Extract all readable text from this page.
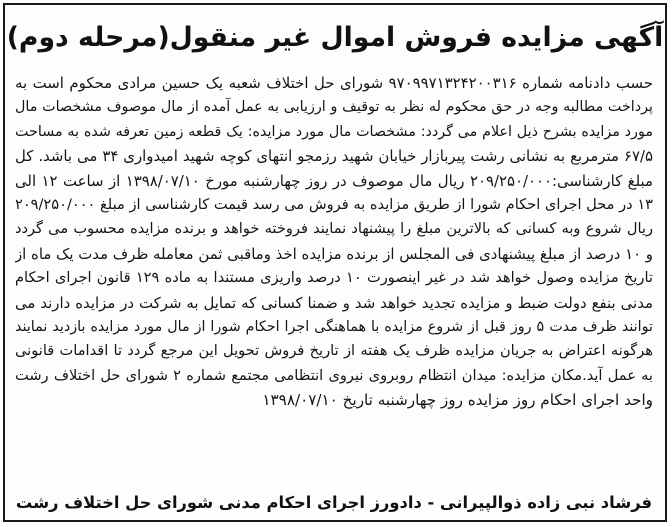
آگهی مزایده فروش اموال غیر منقول(مرحله دوم)
حسب دادنامه شماره ۹۷۰۹۹۷۱۳۲۴۲۰۰۳۱۶ شورای حل اختلاف شعبه یک حسین مرادی محکوم است به
پرداخت مطالبه وجه در حق محکوم له نظر به توقیف و ارزیابی به عمل آمده از مال موصوف مشخصات مال
مورد مزایده بشرح ذیل اعلام می گردد: مشخصات مال مورد مزایده: یک قطعه زمین تعرفه شده به مساحت
۶۷/۵ مترمربع به نشانی رشت پیربازار خیابان شهید رزمجو انتهای کوچه شهید امیدواری ۳۴ می باشد. کل
مبلغ کارشناسی:۲۰۹/۲۵۰/۰۰۰ ریال مال موصوف در روز چهارشنبه مورخ ۱۳۹۸/۰۷/۱۰ از ساعت ۱۲ الی
۱۳ در محل اجرای احکام شورا از طریق مزایده به فروش می رسد قیمت کارشناسی از مبلغ ۲۰۹/۲۵۰/۰۰۰
ریال شروع وبه کسانی که بالاترین مبلغ را پیشنهاد نمایند فروخته خواهد و برنده مزایده محسوب می گردد
و ۱۰ درصد از مبلغ پیشنهادی فی المجلس از برنده مزایده اخذ وماقبی ثمن معامله ظرف مدت یک ماه از
تاریخ مزایده وصول خواهد شد در غیر اینصورت ۱۰ درصد واریزی مستندا به ماده ۱۲۹ قانون اجرای احکام
مدنی بنفع دولت ضبط و مزایده تجدید خواهد شد و ضمنا کسانی که تمایل به شرکت در مزایده دارند می
توانند ظرف مدت ۵ روز قبل از شروع مزایده با هماهنگی اجرا احکام شورا از مال مورد مزایده بازدید نمایند
هرگونه اعتراض به جریان مزایده ظرف یک هفته از تاریخ فروش تحویل این مرجع گردد تا اقدامات قانونی
به عمل آید.مکان مزایده: میدان انتظام روبروی نیروی انتظامی مجتمع شماره ۲ شورای حل اختلاف رشت
واحد اجرای احکام روز مزایده روز چهارشنبه تاریخ ۱۳۹۸/۰۷/۱۰
فرشاد نبی زاده ذوالپیرانی - دادورز اجرای احکام مدنی شورای حل اختلاف رشت
